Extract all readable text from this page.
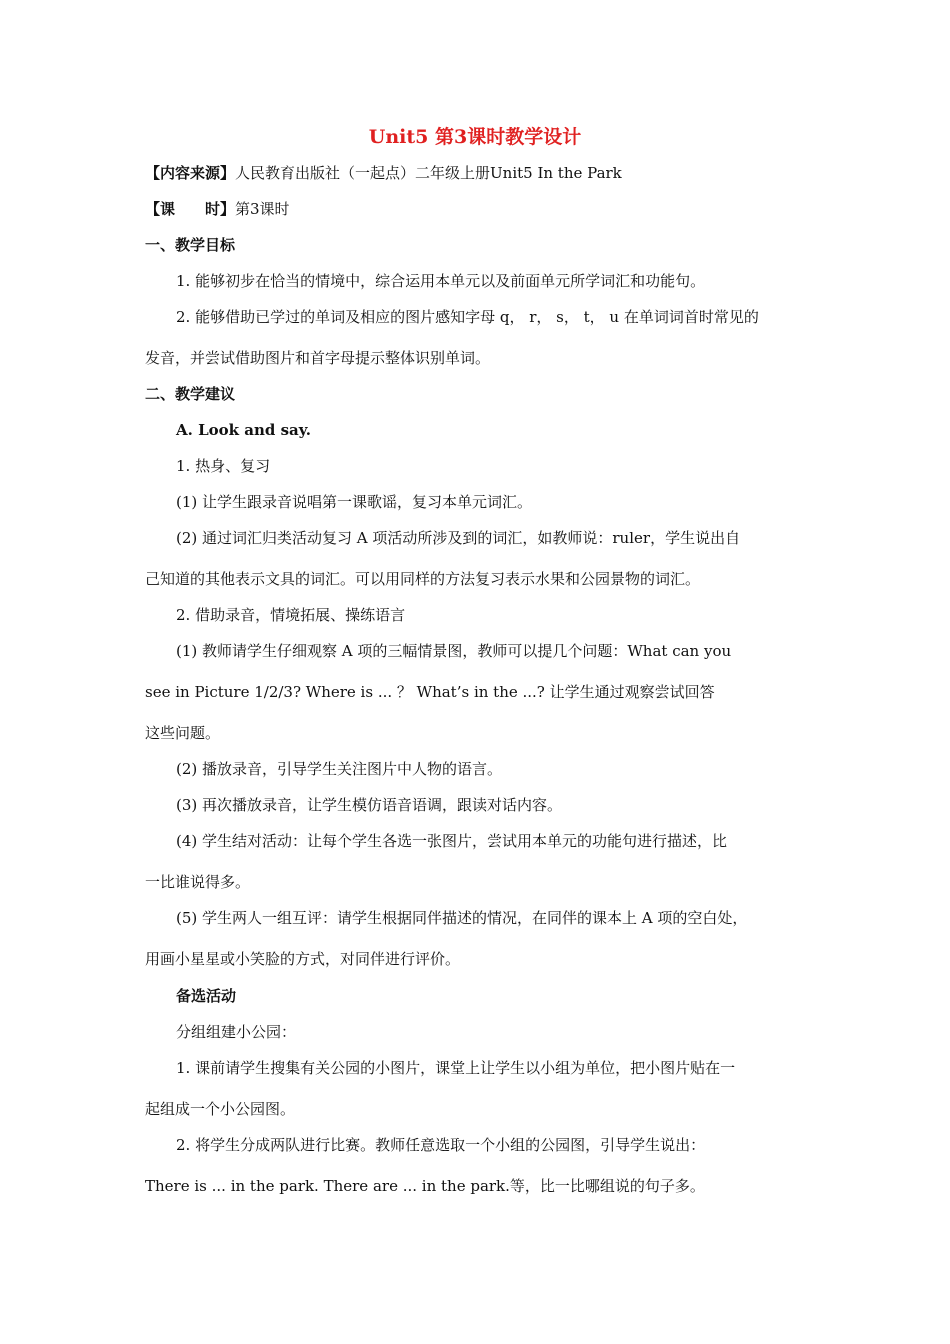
Unit5 第3课时教学设计
【内容来源】人民教育出版社（一起点）二年级上册Unit5 In the Park
【课　　时】第3课时
一、教学目标
1. 能够初步在恰当的情境中，综合运用本单元以及前面单元所学词汇和功能句。
2. 能够借助已学过的单词及相应的图片感知字母 q， r， s， t， u 在单词词首时常见的
发音，并尝试借助图片和首字母提示整体识别单词。
二、教学建议
A. Look and say.
1. 热身、复习
(1) 让学生跟录音说唱第一课歌谣，复习本单元词汇。
(2) 通过词汇归类活动复习 A 项活动所涉及到的词汇，如教师说：ruler，学生说出自
己知道的其他表示文具的词汇。可以用同样的方法复习表示水果和公园景物的词汇。
2. 借助录音，情境拓展、操练语言
(1) 教师请学生仔细观察 A 项的三幅情景图，教师可以提几个问题：What can you
see in Picture 1/2/3? Where is ... ？ What’s in the ...? 让学生通过观察尝试回答
这些问题。
(2) 播放录音，引导学生关注图片中人物的语言。
(3) 再次播放录音，让学生模仿语音语调，跟读对话内容。
(4) 学生结对活动：让每个学生各选一张图片，尝试用本单元的功能句进行描述，比
一比谁说得多。
(5) 学生两人一组互评：请学生根据同伴描述的情况，在同伴的课本上 A 项的空白处，
用画小星星或小笑脸的方式，对同伴进行评价。
备选活动
分组组建小公园：
1. 课前请学生搜集有关公园的小图片，课堂上让学生以小组为单位，把小图片贴在一
起组成一个小公园图。
2. 将学生分成两队进行比赛。教师任意选取一个小组的公园图，引导学生说出：
There is ... in the park. There are ... in the park.等，比一比哪组说的句子多。
